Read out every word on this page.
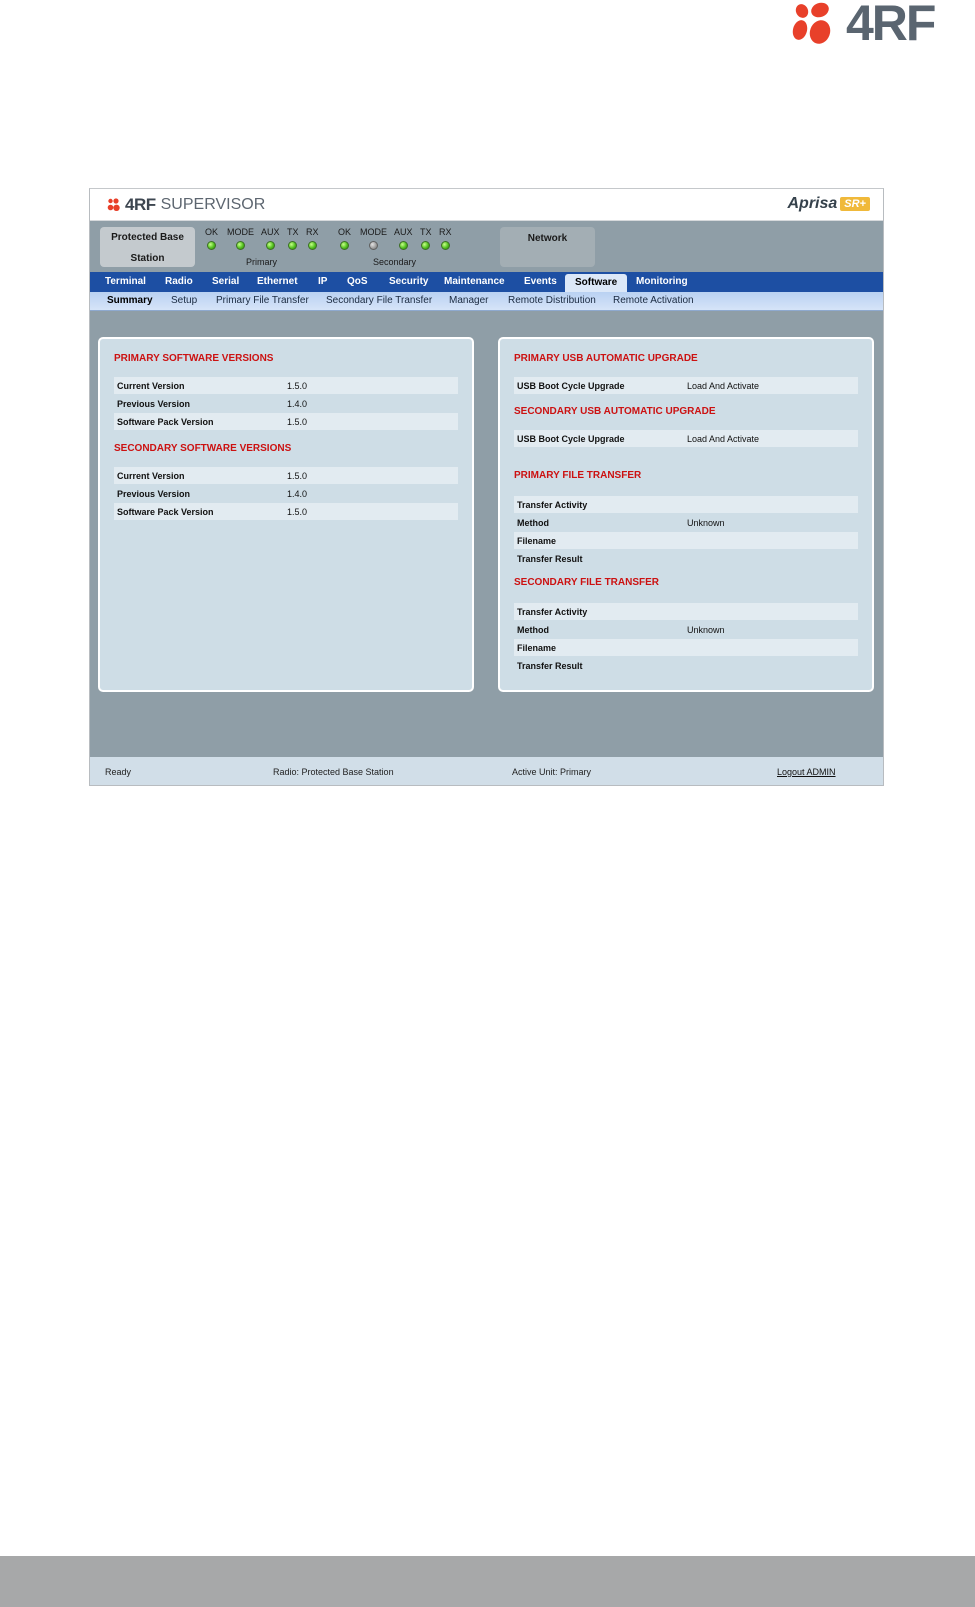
4RF
4RF SUPERVISOR	Aprisa SR+
Protected Base
Station
OK MODE AUX TX RX
Primary
OK MODE AUX TX RX
Secondary
Network
Terminal Radio Serial Ethernet IP QoS Security Maintenance Events	Software	Monitoring
Summary Setup Primary File Transfer Secondary File Transfer Manager Remote Distribution Remote Activation
PRIMARY SOFTWARE VERSIONS
Current Version	1.5.0
Previous Version	1.4.0
Software Pack Version	1.5.0
SECONDARY SOFTWARE VERSIONS
Current Version	1.5.0
Previous Version	1.4.0
Software Pack Version	1.5.0
PRIMARY USB AUTOMATIC UPGRADE
USB Boot Cycle Upgrade	Load And Activate
SECONDARY USB AUTOMATIC UPGRADE
USB Boot Cycle Upgrade	Load And Activate
PRIMARY FILE TRANSFER
Transfer Activity
Method	Unknown
Filename
Transfer Result
SECONDARY FILE TRANSFER
Transfer Activity
Method	Unknown
Filename
Transfer Result
Ready	Radio: Protected Base Station	Active Unit: Primary	Logout ADMIN
